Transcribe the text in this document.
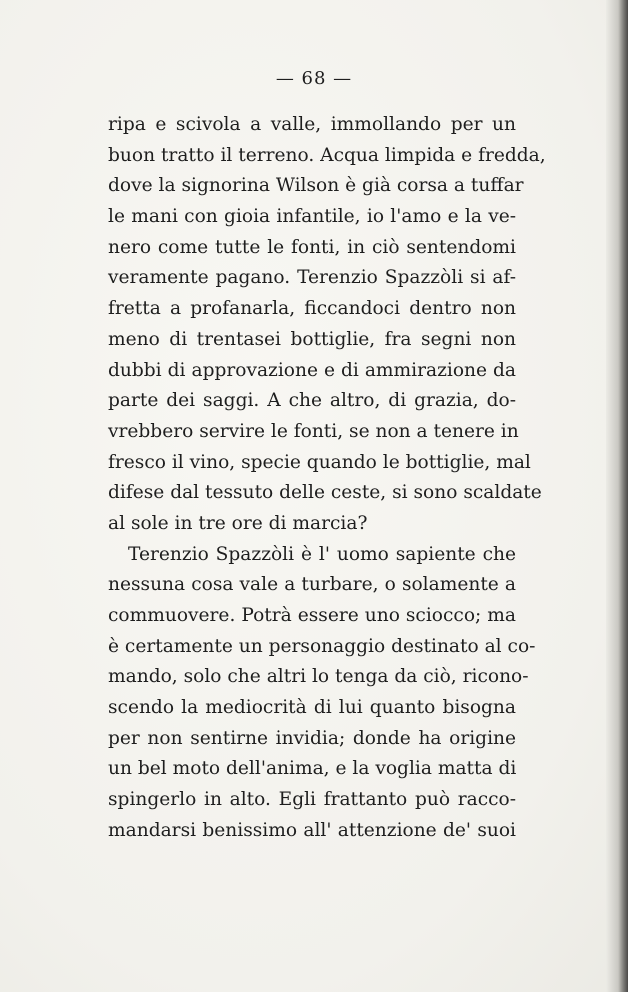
— 68 —
ripa e scivola a valle, immollando per un
buon tratto il terreno. Acqua limpida e fredda,
dove la signorina Wilson è già corsa a tuffar
le mani con gioia infantile, io l'amo e la ve-
nero come tutte le fonti, in ciò sentendomi
veramente pagano. Terenzio Spazzòli si af-
fretta a profanarla, ficcandoci dentro non
meno di trentasei bottiglie, fra segni non
dubbi di approvazione e di ammirazione da
parte dei saggi. A che altro, di grazia, do-
vrebbero servire le fonti, se non a tenere in
fresco il vino, specie quando le bottiglie, mal
difese dal tessuto delle ceste, si sono scaldate
al sole in tre ore di marcia?
Terenzio Spazzòli è l' uomo sapiente che
nessuna cosa vale a turbare, o solamente a
commuovere. Potrà essere uno sciocco; ma
è certamente un personaggio destinato al co-
mando, solo che altri lo tenga da ciò, ricono-
scendo la mediocrità di lui quanto bisogna
per non sentirne invidia; donde ha origine
un bel moto dell'anima, e la voglia matta di
spingerlo in alto. Egli frattanto può racco-
mandarsi benissimo all' attenzione de' suoi
